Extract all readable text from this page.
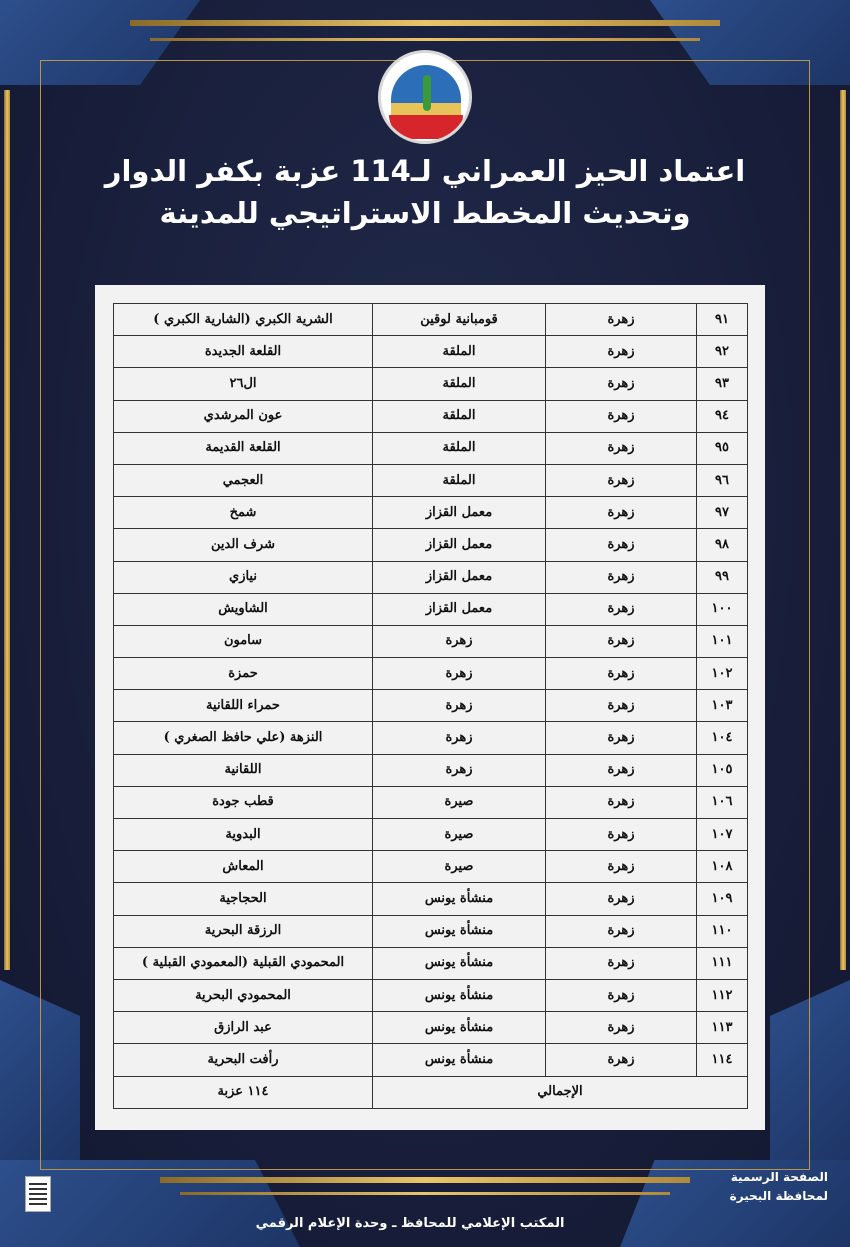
اعتماد الحيز العمراني لـ114 عزبة بكفر الدوار
وتحديث المخطط الاستراتيجي للمدينة
٩١	زهرة	قومبانية لوقين	الشرية الكبري (الشارية الكبري )
٩٢	زهرة	الملقة	القلعة الجديدة
٩٣	زهرة	الملقة	ال٢٦
٩٤	زهرة	الملقة	عون المرشدي
٩٥	زهرة	الملقة	القلعة القديمة
٩٦	زهرة	الملقة	العجمي
٩٧	زهرة	معمل القزاز	شمخ
٩٨	زهرة	معمل القزاز	شرف الدين
٩٩	زهرة	معمل القزاز	نيازي
١٠٠	زهرة	معمل القزاز	الشاويش
١٠١	زهرة	زهرة	سامون
١٠٢	زهرة	زهرة	حمزة
١٠٣	زهرة	زهرة	حمراء اللقانية
١٠٤	زهرة	زهرة	النزهة (علي حافظ الصغري )
١٠٥	زهرة	زهرة	اللقانية
١٠٦	زهرة	صيرة	قطب جودة
١٠٧	زهرة	صيرة	البدوية
١٠٨	زهرة	صيرة	المعاش
١٠٩	زهرة	منشأة يونس	الحجاجية
١١٠	زهرة	منشأة يونس	الرزقة البحرية
١١١	زهرة	منشأة يونس	المحمودي القبلية (المعمودي القبلية )
١١٢	زهرة	منشأة يونس	المحمودي البحرية
١١٣	زهرة	منشأة يونس	عبد الرازق
١١٤	زهرة	منشأة يونس	رأفت البحرية
الإجمالي			١١٤ عزبة
الصفحة الرسمية
لمحافظة البحيرة
المكتب الإعلامي للمحافظ ـ وحدة الإعلام الرقمي
